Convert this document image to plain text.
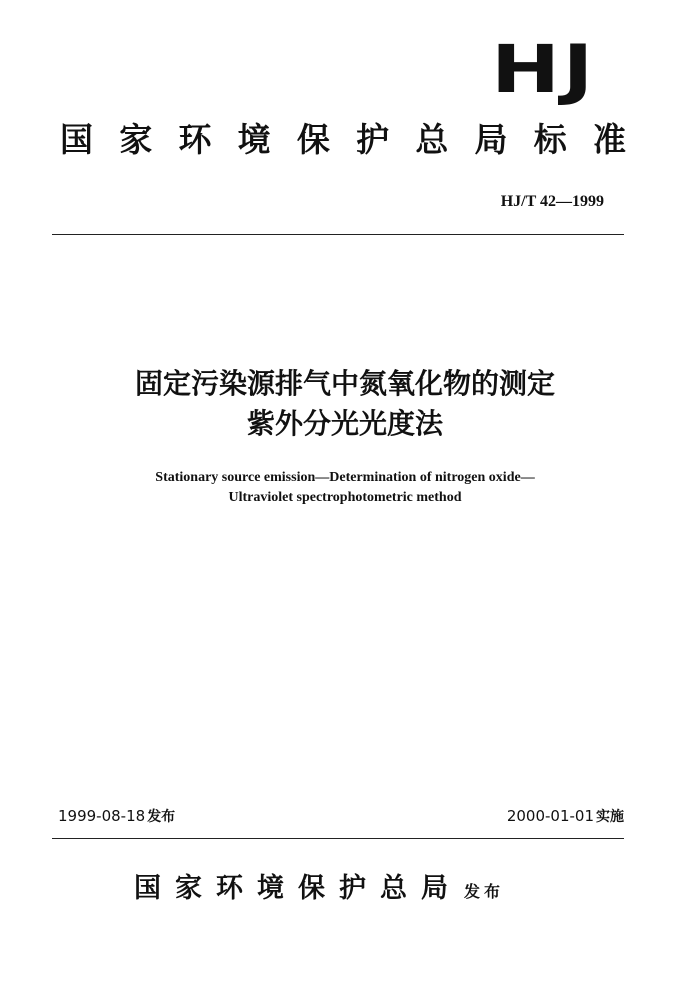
HJ
国 家 环 境 保 护 总 局 标 准
HJ/T 42—1999
固定污染源排气中氮氧化物的测定
紫外分光光度法
Stationary source emission—Determination of nitrogen oxide—
Ultraviolet spectrophotometric method
1999-08-18 发布	2000-01-01 实施
国家环境保护总局 发布
